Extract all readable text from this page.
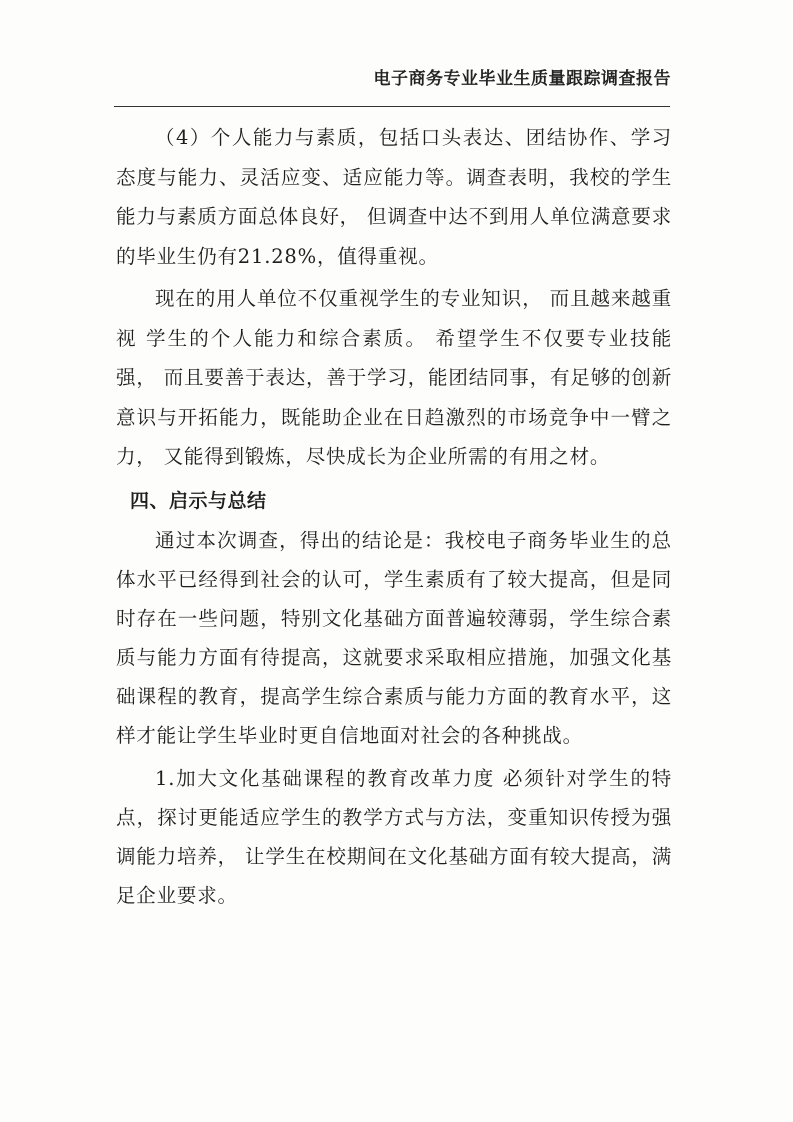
电子商务专业毕业生质量跟踪调查报告

（4）个人能力与素质，包括口头表达、团结协作、学习态度与能力、灵活应变、适应能力等。调查表明，我校的学生能力与素质方面总体良好， 但调查中达不到用人单位满意要求的毕业生仍有21.28%，值得重视。

现在的用人单位不仅重视学生的专业知识， 而且越来越重视 学生的个人能力和综合素质。 希望学生不仅要专业技能强， 而且要善于表达，善于学习，能团结同事，有足够的创新意识与开拓能力，既能助企业在日趋激烈的市场竞争中一臂之力， 又能得到锻炼，尽快成长为企业所需的有用之材。

四、启示与总结

通过本次调查，得出的结论是：我校电子商务毕业生的总体水平已经得到社会的认可，学生素质有了较大提高，但是同时存在一些问题，特别文化基础方面普遍较薄弱，学生综合素质与能力方面有待提高，这就要求采取相应措施，加强文化基础课程的教育，提高学生综合素质与能力方面的教育水平，这样才能让学生毕业时更自信地面对社会的各种挑战。

1.加大文化基础课程的教育改革力度 必须针对学生的特点，探讨更能适应学生的教学方式与方法，变重知识传授为强调能力培养， 让学生在校期间在文化基础方面有较大提高，满足企业要求。
